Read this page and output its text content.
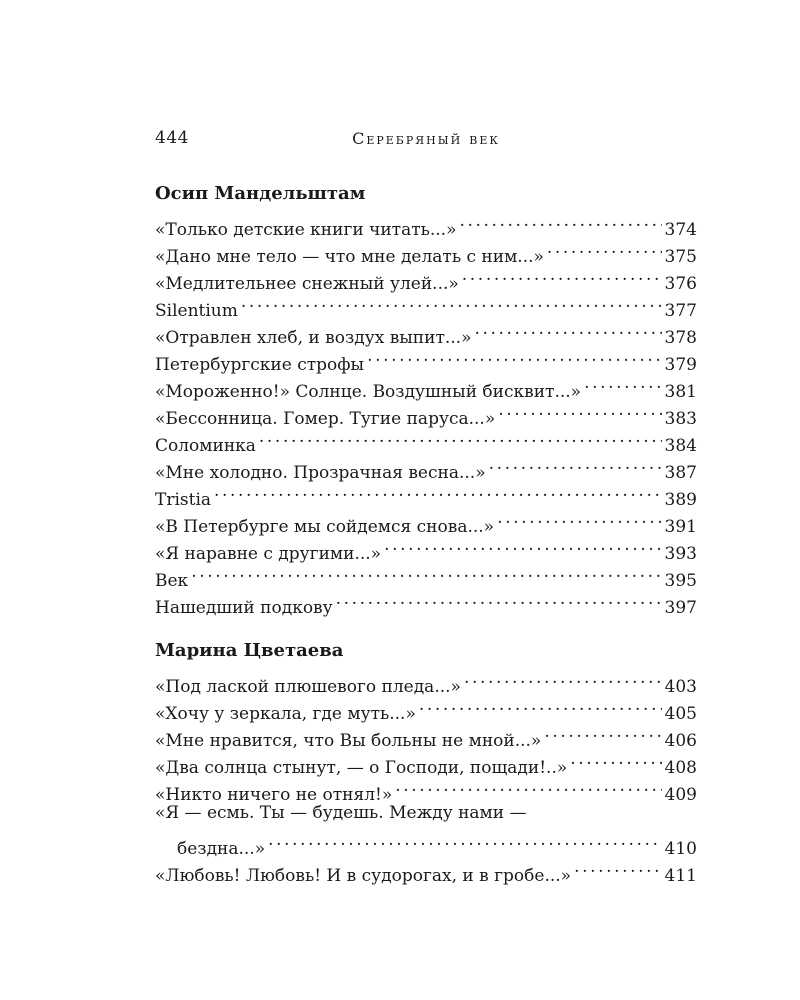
444	Серебряный век
Осип Мандельштам
«Только детские книги читать...» . . .	374
«Дано мне тело — что мне делать с ним...» . . .	375
«Медлительнее снежный улей...» . . .	376
Silentium . . .	377
«Отравлен хлеб, и воздух выпит...» . . .	378
Петербургские строфы . . .	379
«Мороженно!» Солнце. Воздушный бисквит...» . . .	381
«Бессонница. Гомер. Тугие паруса...» . . .	383
Соломинка . . .	384
«Мне холодно. Прозрачная весна...» . . .	387
Tristia . . .	389
«В Петербурге мы сойдемся снова...» . . .	391
«Я наравне с другими...» . . .	393
Век . . .	395
Нашедший подкову . . .	397
Марина Цветаева
«Под лаской плюшевого пледа...» . . .	403
«Хочу у зеркала, где муть...» . . .	405
«Мне нравится, что Вы больны не мной...» . . .	406
«Два солнца стынут, — о Господи, пощади!..» . . .	408
«Никто ничего не отнял!» . . .	409
«Я — есмь. Ты — будешь. Между нами —
бездна...» . . .	410
«Любовь! Любовь! И в судорогах, и в гробе...» . . .	411
